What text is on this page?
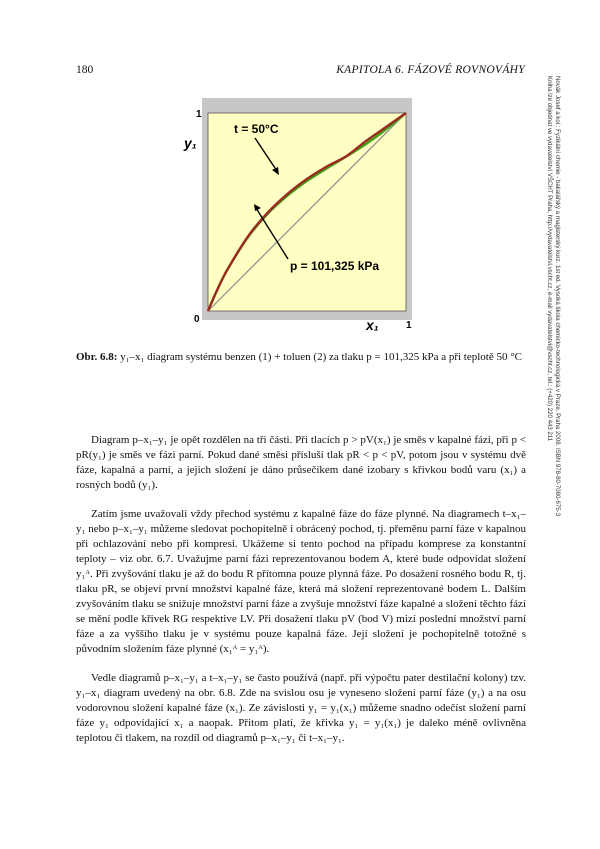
180	KAPITOLA 6. FÁZOVÉ ROVNOVÁHY
Novák Josef a kol.: Fyzikální chemie - bakalářský a magisterský kurz. 1st ed. Vysoká škola chemicko-technologická v Praze, Praha 2008. ISBN 978-80-7080-675-3
Kniha lze objednat ve vydavatelství VŠCHT Praha, http://vydavatelstvi.vscht.cz, e-mail vydavatelstvi@vscht.cz, tel.: (+420) 220 443 211
t = 50°C
p = 101,325 kPa
y₁
x₁
1
0
1
Obr. 6.8: y₁–x₁ diagram systému benzen (1) + toluen (2) za tlaku p = 101,325 kPa a při teplotě 50 °C

Diagram p–x₁–y₁ je opět rozdělen na tři části. Při tlacích p > pV(x₁) je směs v kapalné fázi, při p < pR(y₁) je směs ve fázi parní. Pokud dané směsi přísluší tlak pR < p < pV, potom jsou v systému dvě fáze, kapalná a parní, a jejich složení je dáno průsečíkem dané izobary s křivkou bodů varu (x₁) a rosných bodů (y₁).

Zatím jsme uvažovali vždy přechod systému z kapalné fáze do fáze plynné. Na diagramech t–x₁–y₁ nebo p–x₁–y₁ můžeme sledovat pochopitelně i obrácený pochod, tj. přeměnu parní fáze v kapalnou při ochlazování nebo při kompresi. Ukážeme si tento pochod na případu komprese za konstantní teploty – viz obr. 6.7. Uvažujme parní fázi reprezentovanou bodem A, které bude odpovídat složení y₁ᴬ. Při zvyšování tlaku je až do bodu R přítomna pouze plynná fáze. Po dosažení rosného bodu R, tj. tlaku pR, se objeví první množství kapalné fáze, která má složení reprezentované bodem L. Dalším zvyšováním tlaku se snižuje množství parní fáze a zvyšuje množství fáze kapalné a složení těchto fází se mění podle křivek RG respektive LV. Při dosažení tlaku pV (bod V) mizí poslední množství parní fáze a za vyššího tlaku je v systému pouze kapalná fáze. Její složení je pochopitelně totožné s původním složením fáze plynné (x₁ᴬ = y₁ᴬ).

Vedle diagramů p–x₁–y₁ a t–x₁–y₁ se často používá (např. při výpočtu pater destilační kolony) tzv. y₁–x₁ diagram uvedený na obr. 6.8. Zde na svislou osu je vyneseno složení parní fáze (y₁) a na osu vodorovnou složení kapalné fáze (x₁). Ze závislosti y₁ = y₁(x₁) můžeme snadno odečíst složení parní fáze y₁ odpovídající x₁ a naopak. Přitom platí, že křivka y₁ = y₁(x₁) je daleko méně ovlivněna teplotou či tlakem, na rozdíl od diagramů p–x₁–y₁ či t–x₁–y₁.
